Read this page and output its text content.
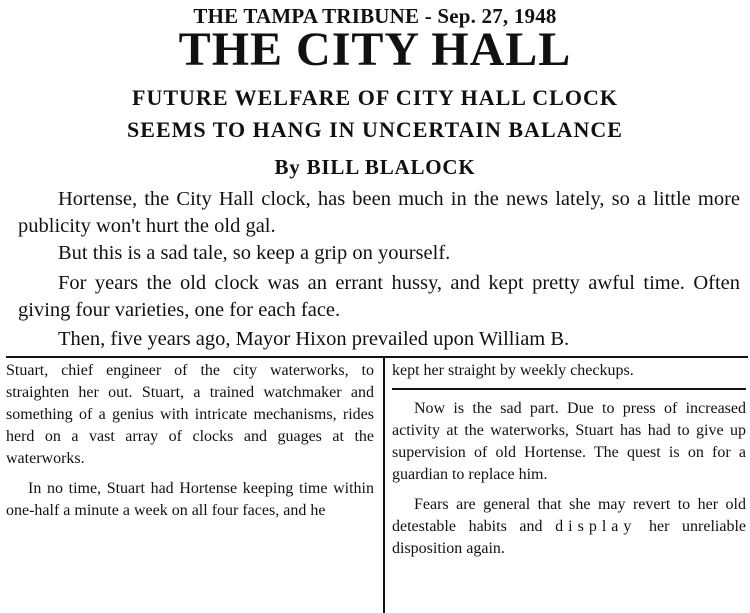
THE TAMPA TRIBUNE - Sep. 27, 1948
THE CITY HALL
FUTURE WELFARE OF CITY HALL CLOCK
SEEMS TO HANG IN UNCERTAIN BALANCE
By BILL BLALOCK

Hortense, the City Hall clock, has been much in the news lately, so a little more publicity won't hurt the old gal.

But this is a sad tale, so keep a grip on yourself.

For years the old clock was an errant hussy, and kept pretty awful time. Often giving four varieties, one for each face.

Then, five years ago, Mayor Hixon prevailed upon William B.

Stuart, chief engineer of the city waterworks, to straighten her out. Stuart, a trained watchmaker and something of a genius with intricate mechanisms, rides herd on a vast array of clocks and guages at the waterworks.

In no time, Stuart had Hortense keeping time within one-half a minute a week on all four faces, and he

kept her straight by weekly checkups.

Now is the sad part. Due to press of increased activity at the waterworks, Stuart has had to give up supervision of old Hortense. The quest is on for a guardian to replace him.

Fears are general that she may revert to her old detestable habits and display her unreliable disposition again.
